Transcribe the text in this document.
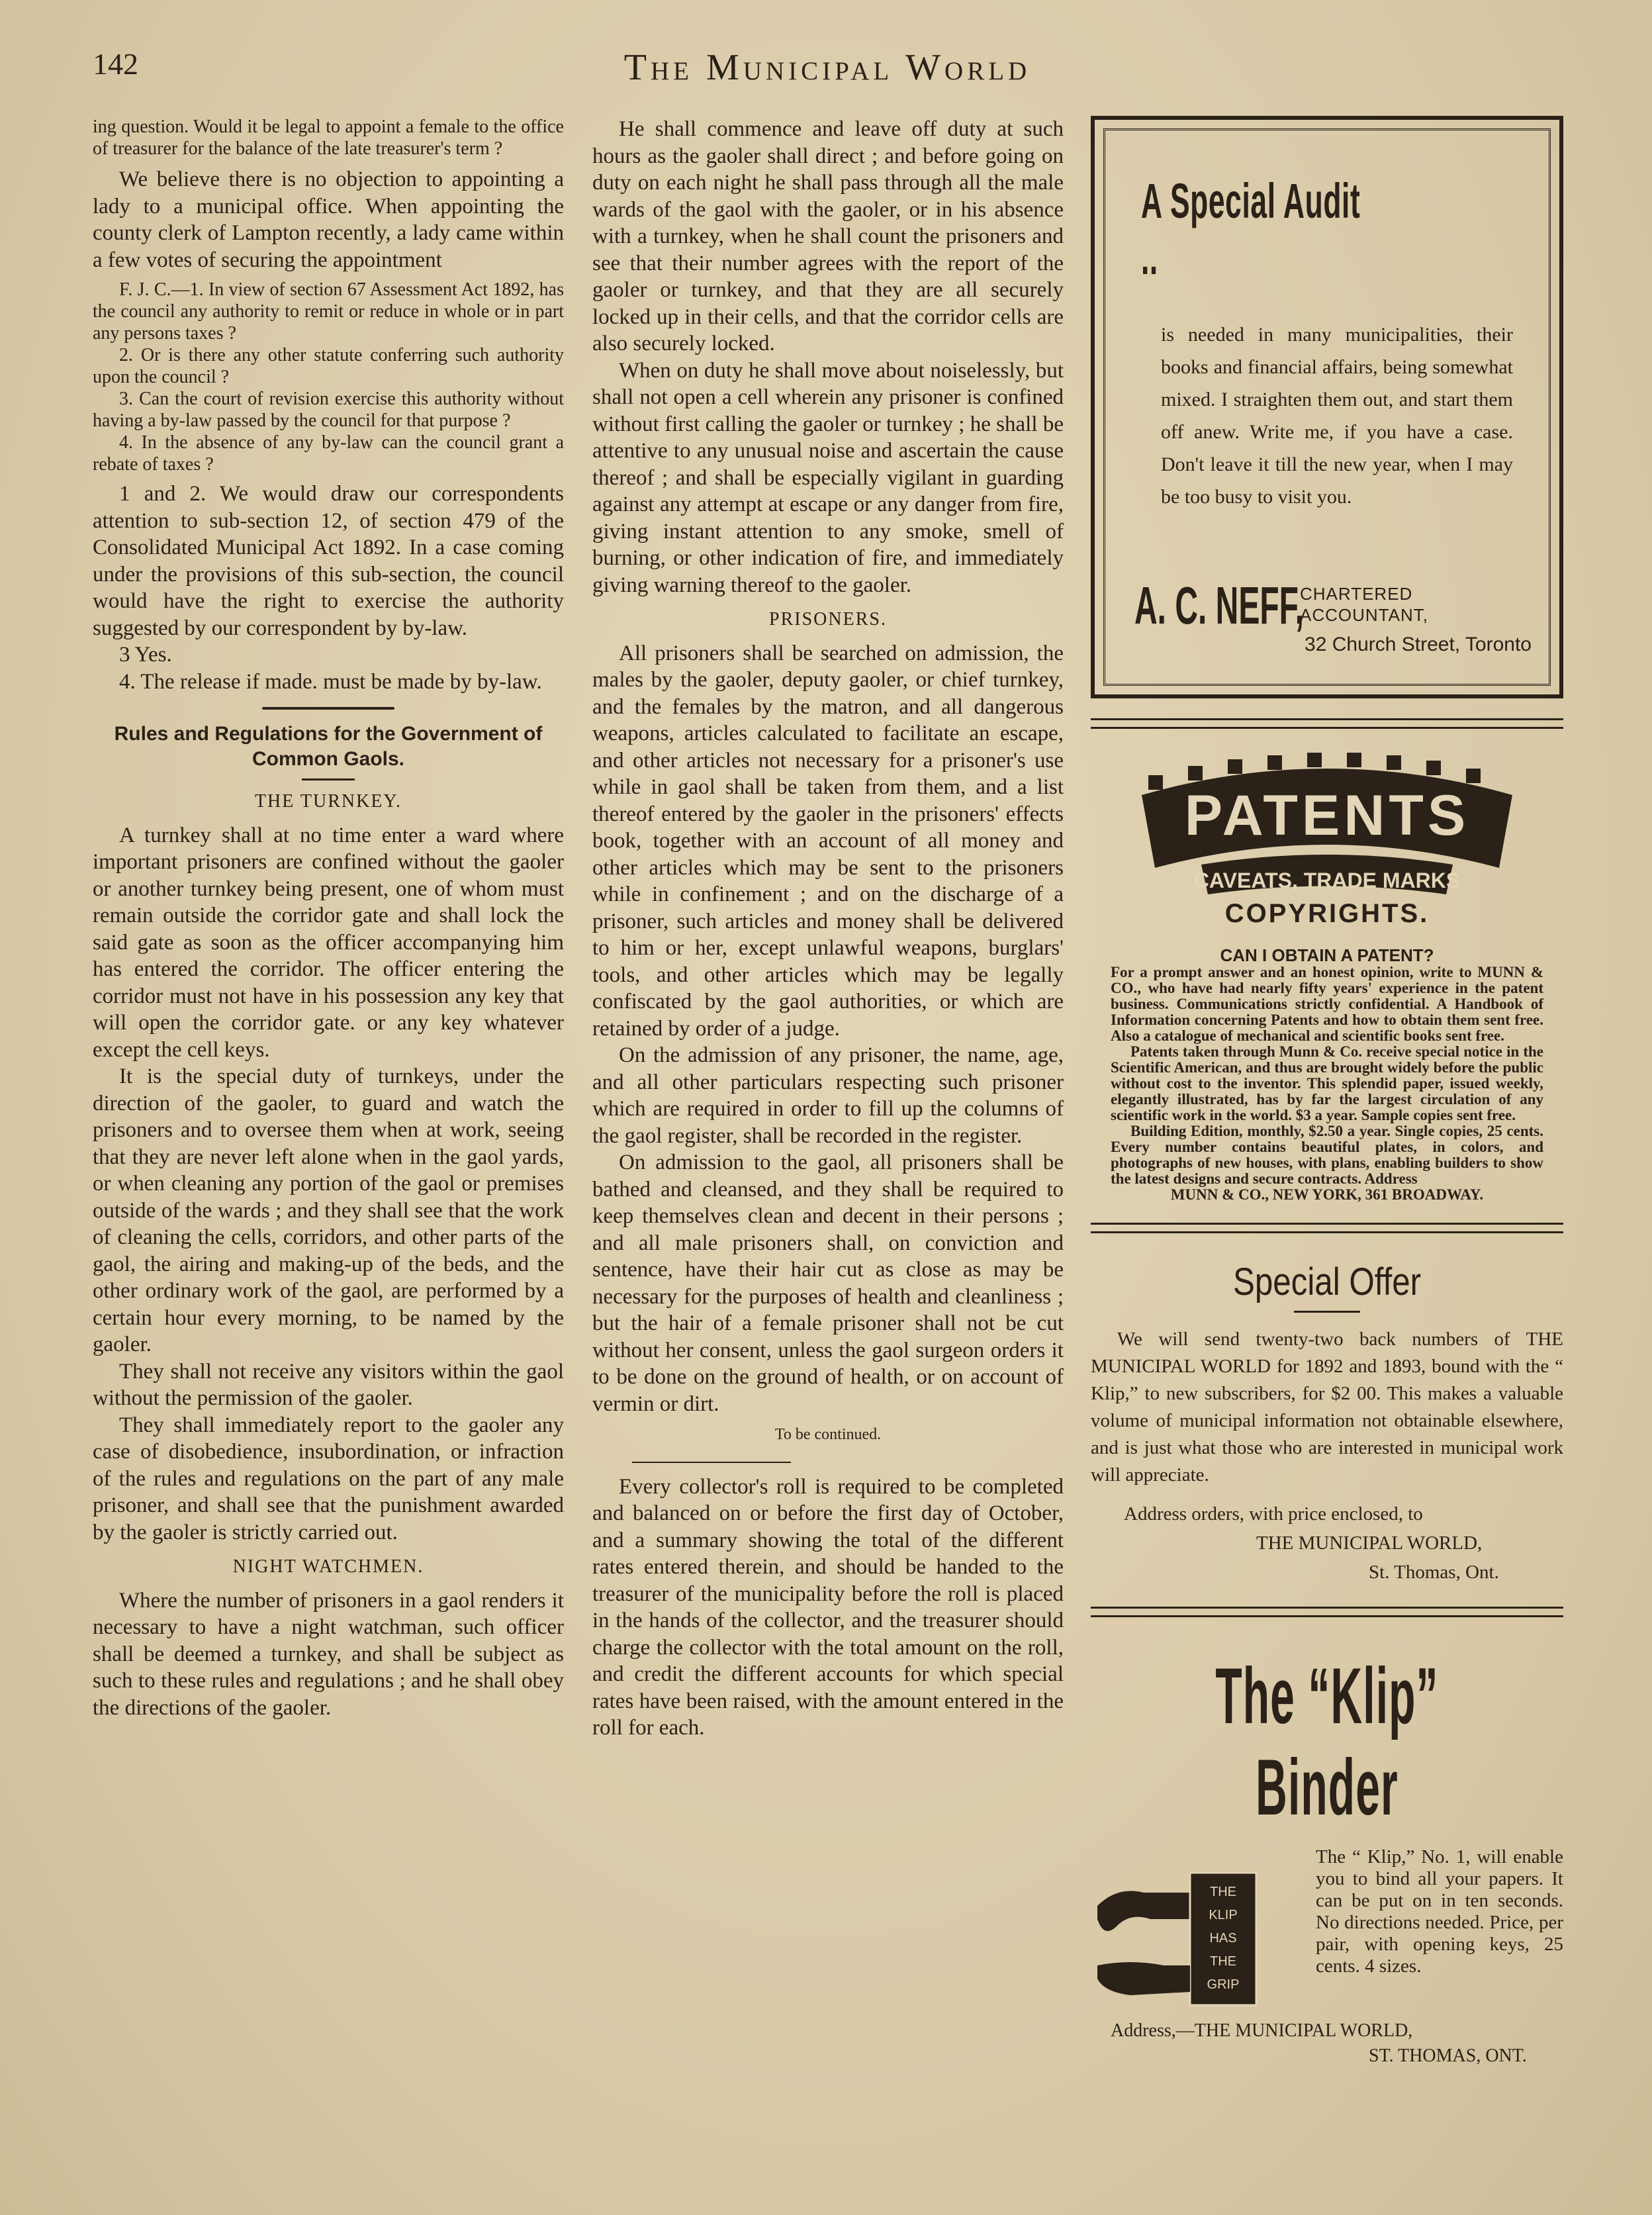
142	The Municipal World

ing question. Would it be legal to appoint a female to the office of treasurer for the balance of the late treasurer's term ?

We believe there is no objection to appointing a lady to a municipal office. When appointing the county clerk of Lampton recently, a lady came within a few votes of securing the appointment

F. J. C.—1. In view of section 67 Assessment Act 1892, has the council any authority to remit or reduce in whole or in part any persons taxes ?

2. Or is there any other statute conferring such authority upon the council ?

3. Can the court of revision exercise this authority without having a by-law passed by the council for that purpose ?

4. In the absence of any by-law can the council grant a rebate of taxes ?

1 and 2. We would draw our correspondents attention to sub-section 12, of section 479 of the Consolidated Municipal Act 1892. In a case coming under the provisions of this sub-section, the council would have the right to exercise the authority suggested by our correspondent by by-law.

3 Yes.

4. The release if made. must be made by by-law.

Rules and Regulations for the Government of Common Gaols.
THE TURNKEY.

A turnkey shall at no time enter a ward where important prisoners are confined without the gaoler or another turnkey being present, one of whom must remain outside the corridor gate and shall lock the said gate as soon as the officer accompanying him has entered the corridor. The officer entering the corridor must not have in his possession any key that will open the corridor gate. or any key whatever except the cell keys.

It is the special duty of turnkeys, under the direction of the gaoler, to guard and watch the prisoners and to oversee them when at work, seeing that they are never left alone when in the gaol yards, or when cleaning any portion of the gaol or premises outside of the wards ; and they shall see that the work of cleaning the cells, corridors, and other parts of the gaol, the airing and making-up of the beds, and the other ordinary work of the gaol, are performed by a certain hour every morning, to be named by the gaoler.

They shall not receive any visitors within the gaol without the permission of the gaoler.

They shall immediately report to the gaoler any case of disobedience, insubordination, or infraction of the rules and regulations on the part of any male prisoner, and shall see that the punishment awarded by the gaoler is strictly carried out.

NIGHT WATCHMEN.

Where the number of prisoners in a gaol renders it necessary to have a night watchman, such officer shall be deemed a turnkey, and shall be subject as such to these rules and regulations ; and he shall obey the directions of the gaoler.

He shall commence and leave off duty at such hours as the gaoler shall direct ; and before going on duty on each night he shall pass through all the male wards of the gaol with the gaoler, or in his absence with a turnkey, when he shall count the prisoners and see that their number agrees with the report of the gaoler or turnkey, and that they are all securely locked up in their cells, and that the corridor cells are also securely locked.

When on duty he shall move about noiselessly, but shall not open a cell wherein any prisoner is confined without first calling the gaoler or turnkey ; he shall be attentive to any unusual noise and ascertain the cause thereof ; and shall be especially vigilant in guarding against any attempt at escape or any danger from fire, giving instant attention to any smoke, smell of burning, or other indication of fire, and immediately giving warning thereof to the gaoler.

PRISONERS.

All prisoners shall be searched on admission, the males by the gaoler, deputy gaoler, or chief turnkey, and the females by the matron, and all dangerous weapons, articles calculated to facilitate an escape, and other articles not necessary for a prisoner's use while in gaol shall be taken from them, and a list thereof entered by the gaoler in the prisoners' effects book, together with an account of all money and other articles which may be sent to the prisoners while in confinement ; and on the discharge of a prisoner, such articles and money shall be delivered to him or her, except unlawful weapons, burglars' tools, and other articles which may be legally confiscated by the gaol authorities, or which are retained by order of a judge.

On the admission of any prisoner, the name, age, and all other particulars respecting such prisoner which are required in order to fill up the columns of the gaol register, shall be recorded in the register.

On admission to the gaol, all prisoners shall be bathed and cleansed, and they shall be required to keep themselves clean and decent in their persons ; and all male prisoners shall, on conviction and sentence, have their hair cut as close as may be necessary for the purposes of health and cleanliness ; but the hair of a female prisoner shall not be cut without her consent, unless the gaol surgeon orders it to be done on the ground of health, or on account of vermin or dirt.

To be continued.

Every collector's roll is required to be completed and balanced on or before the first day of October, and a summary showing the total of the different rates entered therein, and should be handed to the treasurer of the municipality before the roll is placed in the hands of the collector, and the treasurer should charge the collector with the total amount on the roll, and credit the different accounts for which special rates have been raised, with the amount entered in the roll for each.

A Special Audit ..
is needed in many municipalities, their books and financial affairs, being somewhat mixed. I straighten them out, and start them off anew. Write me, if you have a case. Don't leave it till the new year, when I may be too busy to visit you.
A. C. NEFF,
CHARTERED
ACCOUNTANT,
32 Church Street, Toronto
PATENTS
CAVEATS, TRADE MARKS
COPYRIGHTS.
CAN I OBTAIN A PATENT?
For a prompt answer and an honest opinion, write to MUNN & CO., who have had nearly fifty years' experience in the patent business. Communications strictly confidential. A Handbook of Information concerning Patents and how to obtain them sent free. Also a catalogue of mechanical and scientific books sent free.
Patents taken through Munn & Co. receive special notice in the Scientific American, and thus are brought widely before the public without cost to the inventor. This splendid paper, issued weekly, elegantly illustrated, has by far the largest circulation of any scientific work in the world. $3 a year. Sample copies sent free.
Building Edition, monthly, $2.50 a year. Single copies, 25 cents. Every number contains beautiful plates, in colors, and photographs of new houses, with plans, enabling builders to show the latest designs and secure contracts. Address
MUNN & CO., NEW YORK, 361 BROADWAY.
Special Offer
We will send twenty-two back numbers of THE MUNICIPAL WORLD for 1892 and 1893, bound with the “ Klip,” to new subscribers, for $2 00. This makes a valuable volume of municipal information not obtainable elsewhere, and is just what those who are interested in municipal work will appreciate.
Address orders, with price enclosed, to
THE MUNICIPAL WORLD,
St. Thomas, Ont.
The “Klip” Binder
THE
KLIP
HAS
THE
GRIP
The “ Klip,” No. 1, will enable you to bind all your papers. It can be put on in ten seconds. No directions needed. Price, per pair, with opening keys, 25 cents. 4 sizes.
Address,—THE MUNICIPAL WORLD,
ST. THOMAS, ONT.
